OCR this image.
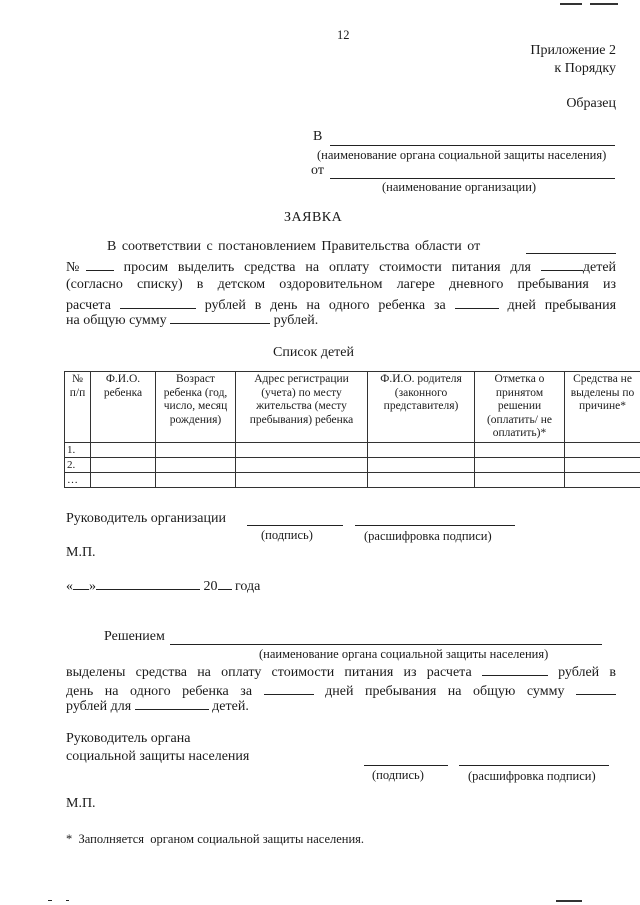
12
Приложение 2
к Порядку
Образец
В
(наименование органа социальной защиты населения)
от
(наименование организации)
ЗАЯВКА
В соответствии с постановлением Правительства области от
№	просим выделить средства на оплату стоимости питания для	детей
(согласно списку) в детском оздоровительном лагере дневного пребывания из
расчета	рублей в день на одного ребенка за	дней пребывания
на общую сумму	рублей.
Список детей
№ п/п	Ф.И.О. ребенка	Возраст ребенка (год, число, месяц рождения)	Адрес регистрации (учета) по месту жительства (месту пребывания) ребенка	Ф.И.О. родителя (законного представителя)	Отметка о принятом решении (оплатить/ не оплатить)*	Средства не выделены по причине*
1.						
2.						
…						
Руководитель организации
(подпись)	(расшифровка подписи)
М.П.
« »	20 года
Решением
(наименование органа социальной защиты населения)
выделены средства на оплату стоимости питания из расчета	рублей в
день на одного ребенка за	дней пребывания на общую сумму
рублей для	детей.
Руководитель органа
социальной защиты населения
(подпись)	(расшифровка подписи)
М.П.
*  Заполняется  органом социальной защиты населения.
